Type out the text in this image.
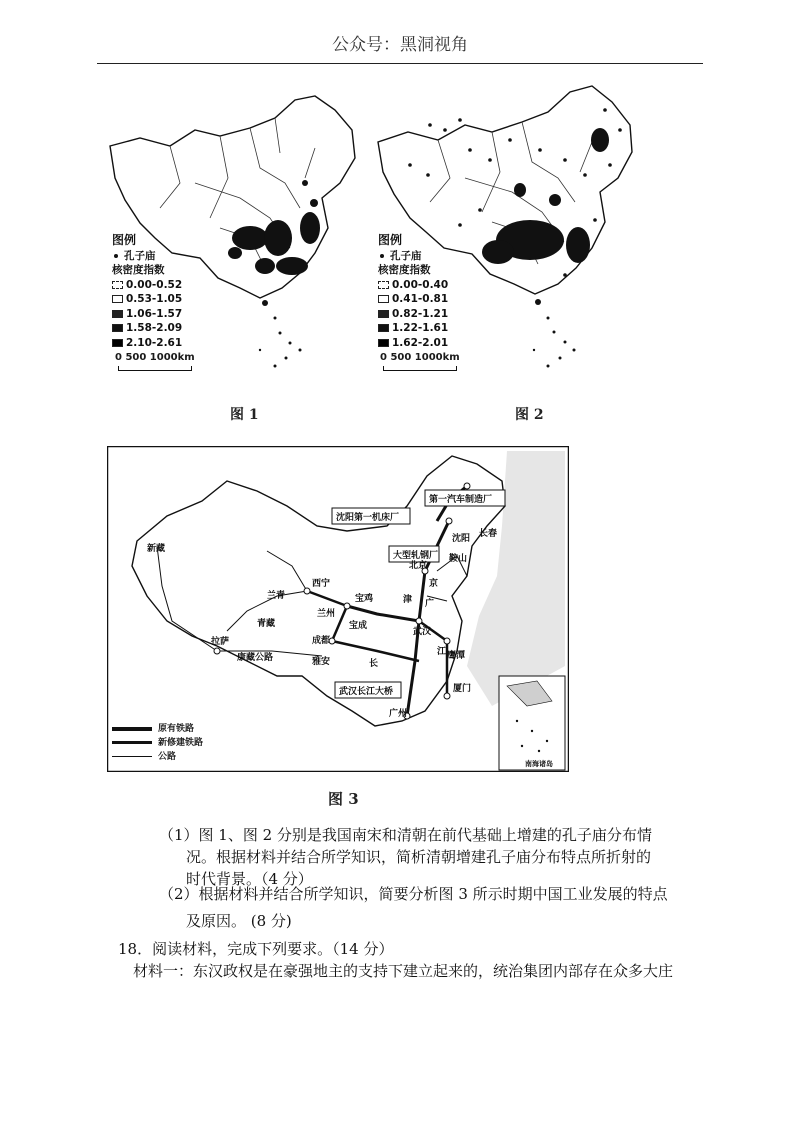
公众号：黑洞视角
图例
孔子庙
核密度指数
0.00-0.52
0.53-1.05
1.06-1.57
1.58-2.09
2.10-2.61
0 500 1000km
图 1
图例
孔子庙
核密度指数
0.00-0.40
0.41-0.81
0.82-1.21
1.22-1.61
1.62-2.01
0 500 1000km
图 2
第一汽车制造厂
沈阳第一机床厂
大型轧钢厂
武汉长江大桥
长春
沈阳
鞍山
北京
西宁
兰州
宝鸡
成都
雅安
拉萨
武汉
广州
厦门
鹰潭
新藏
康藏公路
青藏
兰青
宝成
京
广
长
江
津
南海诸岛
原有铁路
新修建铁路
公路
图 3
（1）图 1、图 2 分别是我国南宋和清朝在前代基础上增建的孔子庙分布情
况。根据材料并结合所学知识，简析清朝增建孔子庙分布特点所折射的
时代背景。（4 分）
（2）根据材料并结合所学知识，简要分析图 3 所示时期中国工业发展的特点
及原因。 (8 分)
18．阅读材料，完成下列要求。（14 分）
材料一：东汉政权是在豪强地主的支持下建立起来的，统治集团内部存在众多大庄
